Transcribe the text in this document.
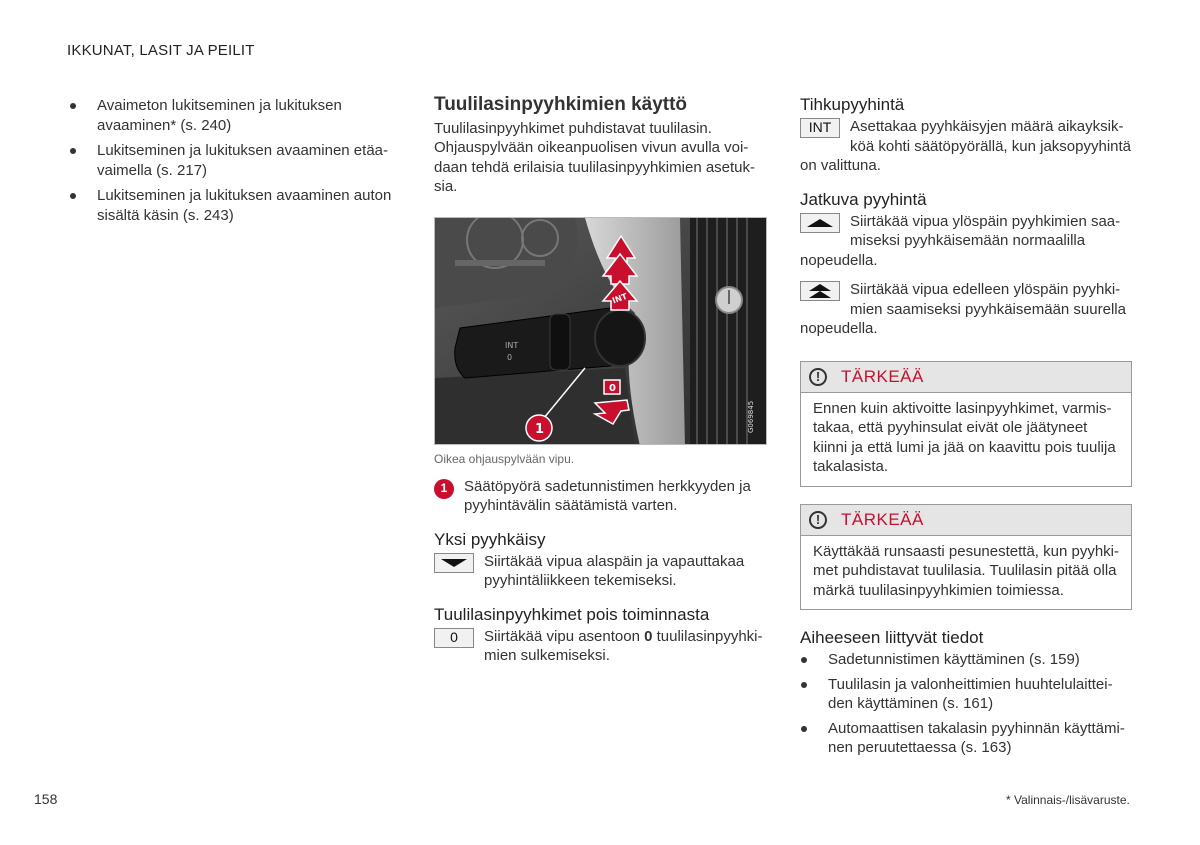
IKKUNAT, LASIT JA PEILIT
Avaimeton lukitseminen ja lukituksen avaaminen* (s. 240)
Lukitseminen ja lukituksen avaaminen etäavaimella (s. 217)
Lukitseminen ja lukituksen avaaminen auton sisältä käsin (s. 243)
Tuulilasinpyyhkimien käyttö

Tuulilasinpyyhkimet puhdistavat tuulilasin. Ohjauspylvään oikeanpuolisen vivun avulla voidaan tehdä erilaisia tuulilasinpyyhkimien asetuksia.

INT
0
INT
0
1	G069845
Oikea ohjauspylvään vipu.
1	Säätöpyörä sadetunnistimen herkkyyden ja pyyhintävälin säätämistä varten.
Yksi pyyhkäisy
Siirtäkää vipua alaspäin ja vapauttakaa pyyhintäliikkeen tekemiseksi.
Tuulilasinpyyhkimet pois toiminnasta
0	Siirtäkää vipu asentoon 0 tuulilasinpyyhkimien sulkemiseksi.
Tihkupyyhintä
INT	Asettakaa pyyhkäisyjen määrä aikayksikköä kohti säätöpyörällä, kun jaksopyyhintä on valittuna.
Jatkuva pyyhintä
Siirtäkää vipua ylöspäin pyyhkimien saamiseksi pyyhkäisemään normaalilla nopeudella.
Siirtäkää vipua edelleen ylöspäin pyyhkimien saamiseksi pyyhkäisemään suurella nopeudella.
!	TÄRKEÄÄ
Ennen kuin aktivoitte lasinpyyhkimet, varmistakaa, että pyyhinsulat eivät ole jäätyneet kiinni ja että lumi ja jää on kaavittu pois tuulija takalasista.
!	TÄRKEÄÄ
Käyttäkää runsaasti pesunestettä, kun pyyhkimet puhdistavat tuulilasia. Tuulilasin pitää olla märkä tuulilasinpyyhkimien toimiessa.
Aiheeseen liittyvät tiedot
Sadetunnistimen käyttäminen (s. 159)
Tuulilasin ja valonheittimien huuhtelulaitteiden käyttäminen (s. 161)
Automaattisen takalasin pyyhinnän käyttäminen peruutettaessa (s. 163)
158	* Valinnais-/lisävaruste.
